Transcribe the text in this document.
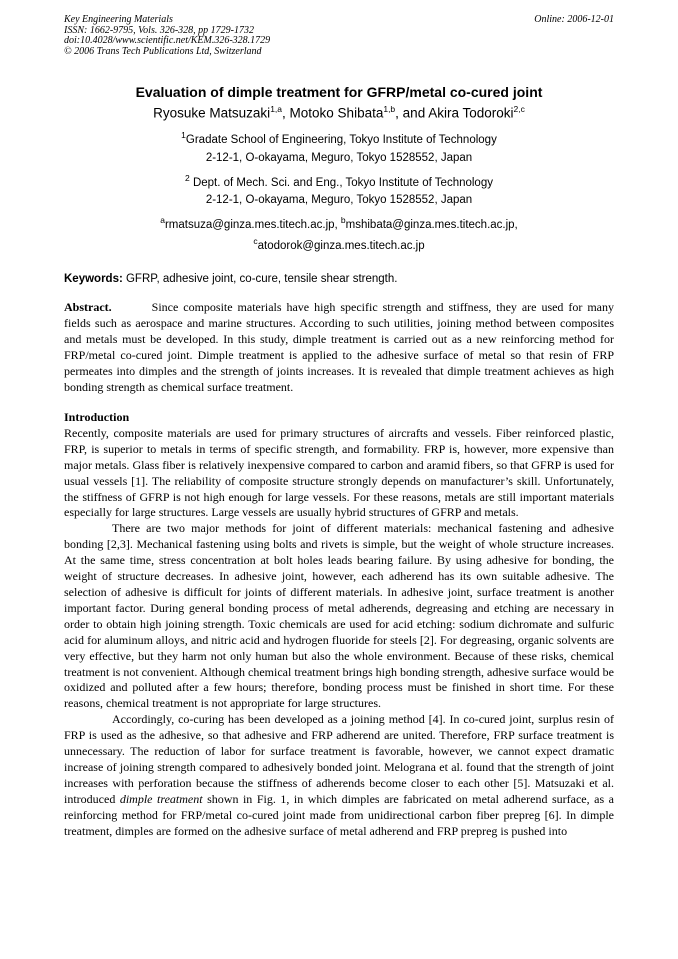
Key Engineering Materials
ISSN: 1662-9795, Vols. 326-328, pp 1729-1732
doi:10.4028/www.scientific.net/KEM.326-328.1729
© 2006 Trans Tech Publications Ltd, Switzerland
Online: 2006-12-01
Evaluation of dimple treatment for GFRP/metal co-cured joint
Ryosuke Matsuzaki$^{1,a}$, Motoko Shibata$^{1,b}$, and Akira Todoroki$^{2,c}$
$^1$Gradate School of Engineering, Tokyo Institute of Technology
2-12-1, O-okayama, Meguro, Tokyo 1528552, Japan
$^2$ Dept. of Mech. Sci. and Eng., Tokyo Institute of Technology
2-12-1, O-okayama, Meguro, Tokyo 1528552, Japan
$^a$rmatsuza@ginza.mes.titech.ac.jp, $^b$mshibata@ginza.mes.titech.ac.jp,
$^c$atodorok@ginza.mes.titech.ac.jp
Keywords: GFRP, adhesive joint, co-cure, tensile shear strength.

Abstract.	Since composite materials have high specific strength and stiffness, they are used for many fields such as aerospace and marine structures. According to such utilities, joining method between composites and metals must be developed. In this study, dimple treatment is carried out as a new reinforcing method for FRP/metal co-cured joint. Dimple treatment is applied to the adhesive surface of metal so that resin of FRP permeates into dimples and the strength of joints increases. It is revealed that dimple treatment achieves as high bonding strength as chemical surface treatment.

Introduction

Recently, composite materials are used for primary structures of aircrafts and vessels. Fiber reinforced plastic, FRP, is superior to metals in terms of specific strength, and formability. FRP is, however, more expensive than major metals. Glass fiber is relatively inexpensive compared to carbon and aramid fibers, so that GFRP is used for usual vessels [1]. The reliability of composite structure strongly depends on manufacturer’s skill. Unfortunately, the stiffness of GFRP is not high enough for large vessels. For these reasons, metals are still important materials especially for large structures. Large vessels are usually hybrid structures of GFRP and metals.

There are two major methods for joint of different materials: mechanical fastening and adhesive bonding [2,3]. Mechanical fastening using bolts and rivets is simple, but the weight of whole structure increases. At the same time, stress concentration at bolt holes leads bearing failure. By using adhesive for bonding, the weight of structure decreases. In adhesive joint, however, each adherend has its own suitable adhesive. The selection of adhesive is difficult for joints of different materials. In adhesive joint, surface treatment is another important factor. During general bonding process of metal adherends, degreasing and etching are necessary in order to obtain high joining strength. Toxic chemicals are used for acid etching: sodium dichromate and sulfuric acid for aluminum alloys, and nitric acid and hydrogen fluoride for steels [2]. For degreasing, organic solvents are very effective, but they harm not only human but also the whole environment. Because of these risks, chemical treatment is not convenient. Although chemical treatment brings high bonding strength, adhesive surface would be oxidized and polluted after a few hours; therefore, bonding process must be finished in short time. For these reasons, chemical treatment is not appropriate for large structures.

Accordingly, co-curing has been developed as a joining method [4]. In co-cured joint, surplus resin of FRP is used as the adhesive, so that adhesive and FRP adherend are united. Therefore, FRP surface treatment is unnecessary. The reduction of labor for surface treatment is favorable, however, we cannot expect dramatic increase of joining strength compared to adhesively bonded joint. Melograna et al. found that the strength of joint increases with perforation because the stiffness of adherends become closer to each other [5]. Matsuzaki et al. introduced dimple treatment shown in Fig. 1, in which dimples are fabricated on metal adherend surface, as a reinforcing method for FRP/metal co-cured joint made from unidirectional carbon fiber prepreg [6]. In dimple treatment, dimples are formed on the adhesive surface of metal adherend and FRP prepreg is pushed into
